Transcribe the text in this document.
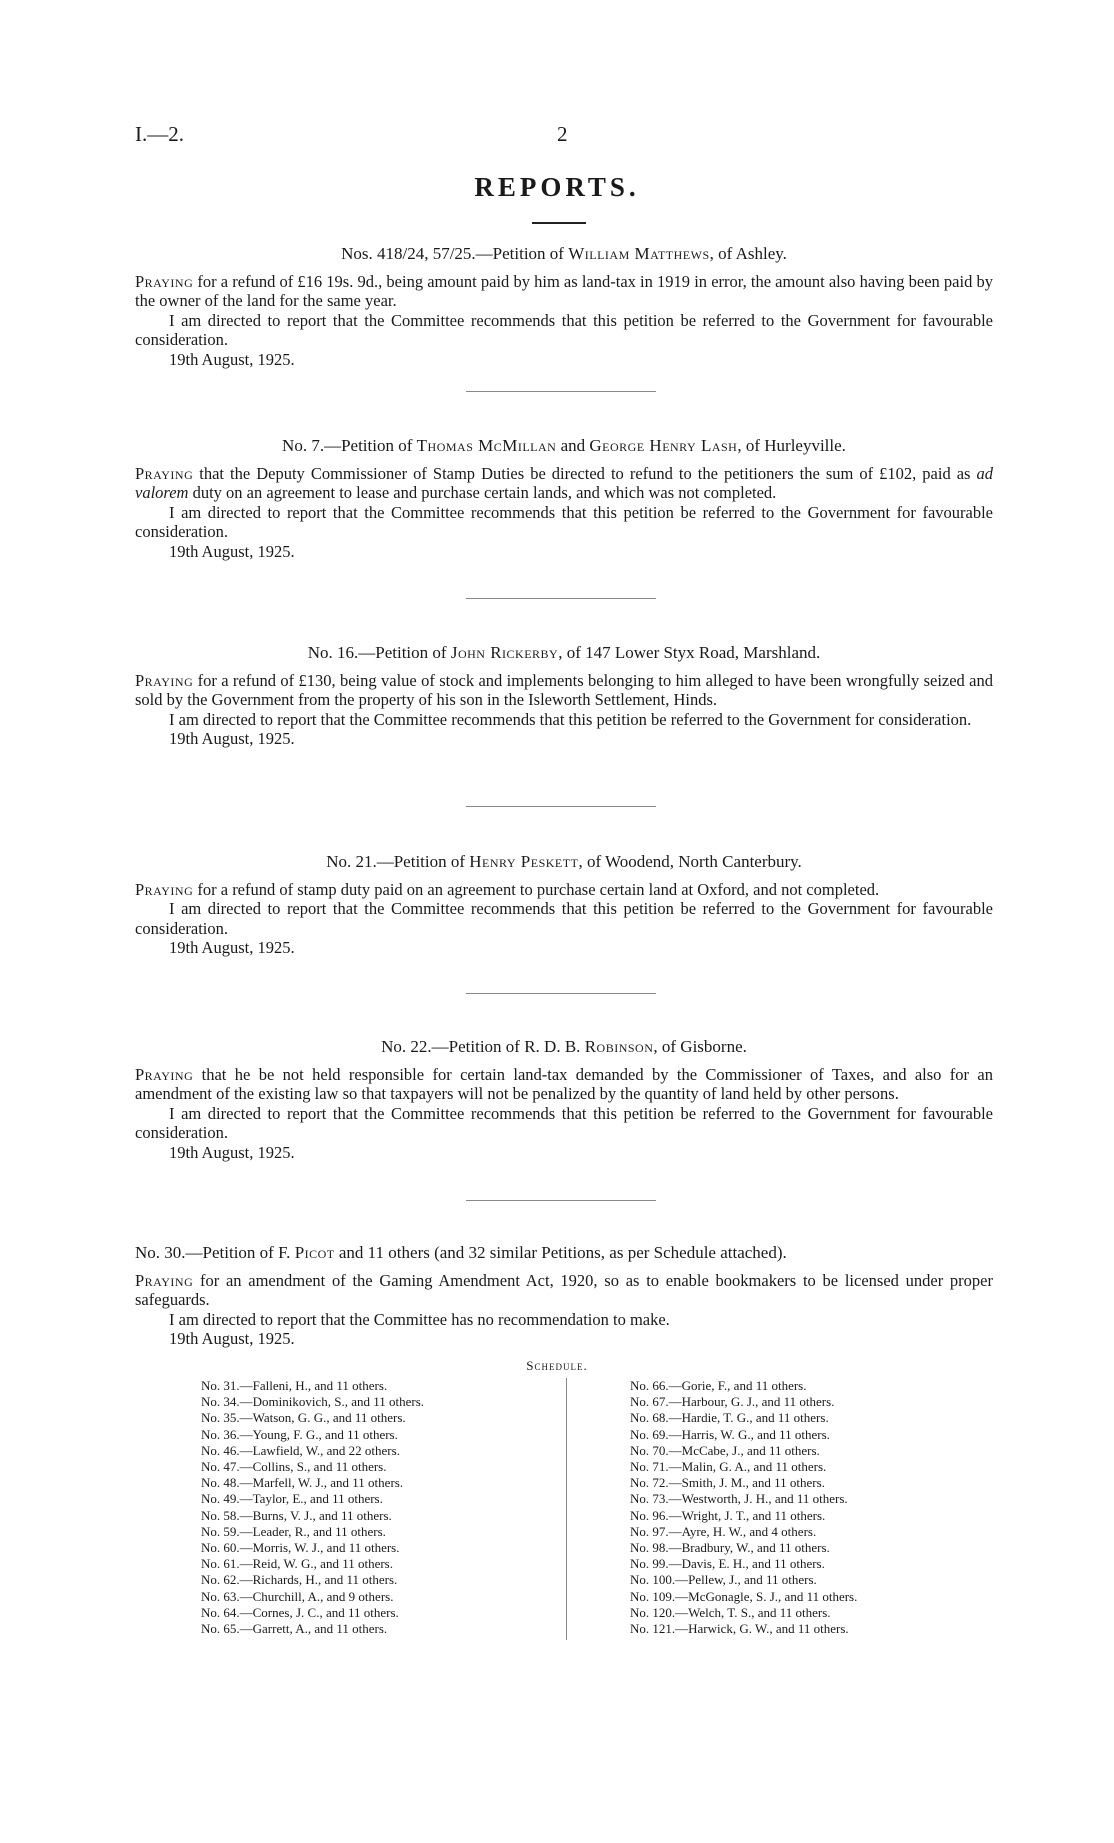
I.—2.	2
REPORTS.
Nos. 418/24, 57/25.—Petition of William Matthews, of Ashley.

Praying for a refund of £16 19s. 9d., being amount paid by him as land-tax in 1919 in error, the amount also having been paid by the owner of the land for the same year.

I am directed to report that the Committee recommends that this petition be referred to the Government for favourable consideration.

19th August, 1925.

No. 7.—Petition of Thomas McMillan and George Henry Lash, of Hurleyville.

Praying that the Deputy Commissioner of Stamp Duties be directed to refund to the petitioners the sum of £102, paid as ad valorem duty on an agreement to lease and purchase certain lands, and which was not completed.

I am directed to report that the Committee recommends that this petition be referred to the Government for favourable consideration.

19th August, 1925.

No. 16.—Petition of John Rickerby, of 147 Lower Styx Road, Marshland.

Praying for a refund of £130, being value of stock and implements belonging to him alleged to have been wrongfully seized and sold by the Government from the property of his son in the Isleworth Settlement, Hinds.

I am directed to report that the Committee recommends that this petition be referred to the Government for consideration.

19th August, 1925.

No. 21.—Petition of Henry Peskett, of Woodend, North Canterbury.

Praying for a refund of stamp duty paid on an agreement to purchase certain land at Oxford, and not completed.

I am directed to report that the Committee recommends that this petition be referred to the Government for favourable consideration.

19th August, 1925.

No. 22.—Petition of R. D. B. Robinson, of Gisborne.

Praying that he be not held responsible for certain land-tax demanded by the Commissioner of Taxes, and also for an amendment of the existing law so that taxpayers will not be penalized by the quantity of land held by other persons.

I am directed to report that the Committee recommends that this petition be referred to the Government for favourable consideration.

19th August, 1925.

No. 30.—Petition of F. Picot and 11 others (and 32 similar Petitions, as per Schedule attached).

Praying for an amendment of the Gaming Amendment Act, 1920, so as to enable bookmakers to be licensed under proper safeguards.

I am directed to report that the Committee has no recommendation to make.

19th August, 1925.

Schedule.
No. 31.—Falleni, H., and 11 others.
No. 34.—Dominikovich, S., and 11 others.
No. 35.—Watson, G. G., and 11 others.
No. 36.—Young, F. G., and 11 others.
No. 46.—Lawfield, W., and 22 others.
No. 47.—Collins, S., and 11 others.
No. 48.—Marfell, W. J., and 11 others.
No. 49.—Taylor, E., and 11 others.
No. 58.—Burns, V. J., and 11 others.
No. 59.—Leader, R., and 11 others.
No. 60.—Morris, W. J., and 11 others.
No. 61.—Reid, W. G., and 11 others.
No. 62.—Richards, H., and 11 others.
No. 63.—Churchill, A., and 9 others.
No. 64.—Cornes, J. C., and 11 others.
No. 65.—Garrett, A., and 11 others.
No. 66.—Gorie, F., and 11 others.
No. 67.—Harbour, G. J., and 11 others.
No. 68.—Hardie, T. G., and 11 others.
No. 69.—Harris, W. G., and 11 others.
No. 70.—McCabe, J., and 11 others.
No. 71.—Malin, G. A., and 11 others.
No. 72.—Smith, J. M., and 11 others.
No. 73.—Westworth, J. H., and 11 others.
No. 96.—Wright, J. T., and 11 others.
No. 97.—Ayre, H. W., and 4 others.
No. 98.—Bradbury, W., and 11 others.
No. 99.—Davis, E. H., and 11 others.
No. 100.—Pellew, J., and 11 others.
No. 109.—McGonagle, S. J., and 11 others.
No. 120.—Welch, T. S., and 11 others.
No. 121.—Harwick, G. W., and 11 others.
